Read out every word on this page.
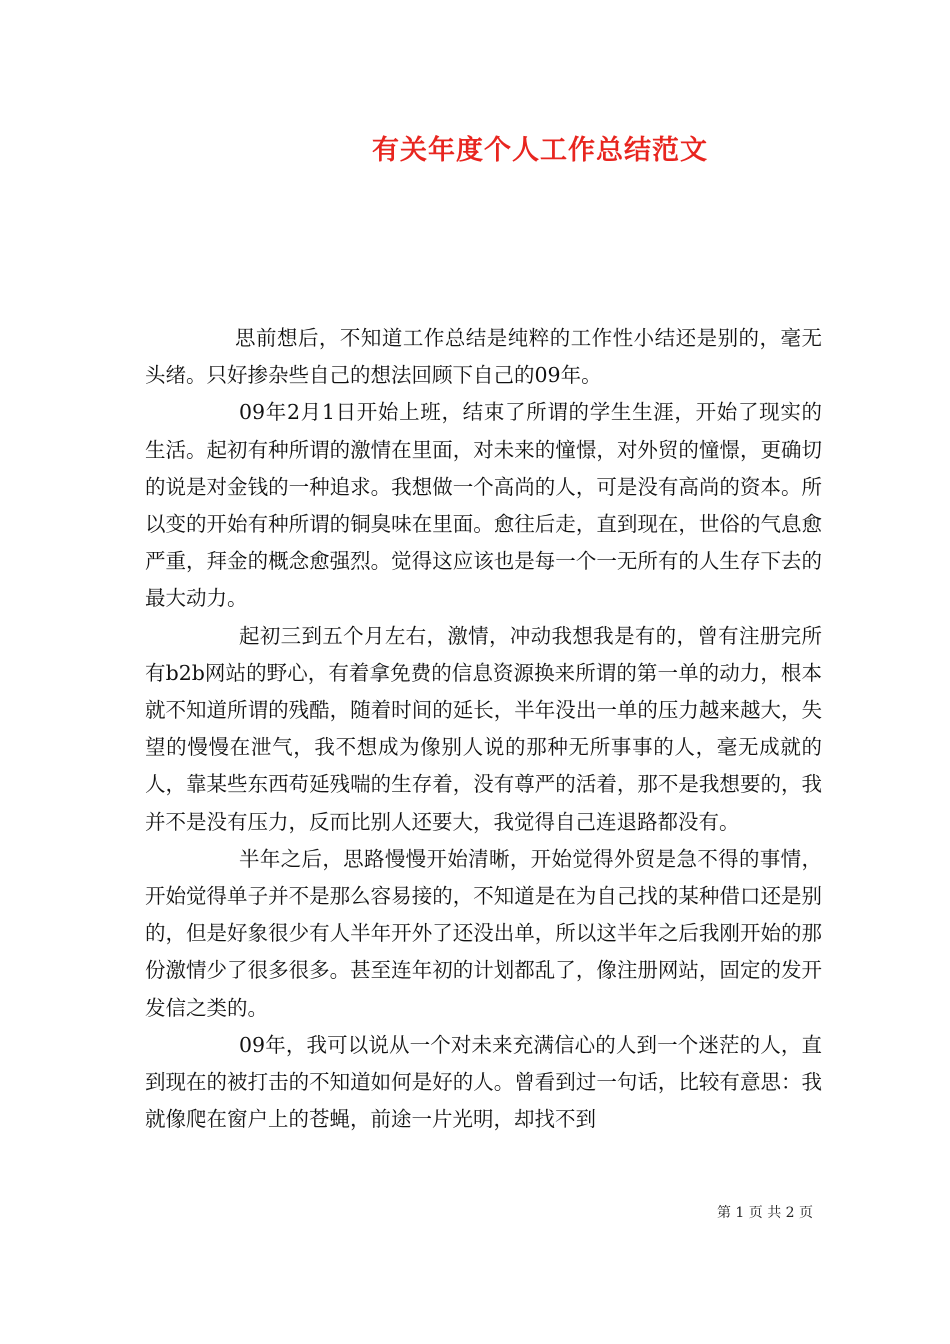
有关年度个人工作总结范文

思前想后，不知道工作总结是纯粹的工作性小结还是别的，毫无头绪。只好掺杂些自己的想法回顾下自己的09年。

09年2月1日开始上班，结束了所谓的学生生涯，开始了现实的生活。起初有种所谓的激情在里面，对未来的憧憬，对外贸的憧憬，更确切的说是对金钱的一种追求。我想做一个高尚的人，可是没有高尚的资本。所以变的开始有种所谓的铜臭味在里面。愈往后走，直到现在，世俗的气息愈严重，拜金的概念愈强烈。觉得这应该也是每一个一无所有的人生存下去的最大动力。

起初三到五个月左右，激情，冲动我想我是有的，曾有注册完所有b2b网站的野心，有着拿免费的信息资源换来所谓的第一单的动力，根本就不知道所谓的残酷，随着时间的延长，半年没出一单的压力越来越大，失望的慢慢在泄气，我不想成为像别人说的那种无所事事的人，毫无成就的人，靠某些东西苟延残喘的生存着，没有尊严的活着，那不是我想要的，我并不是没有压力，反而比别人还要大，我觉得自己连退路都没有。

半年之后，思路慢慢开始清晰，开始觉得外贸是急不得的事情，开始觉得单子并不是那么容易接的，不知道是在为自己找的某种借口还是别的，但是好象很少有人半年开外了还没出单，所以这半年之后我刚开始的那份激情少了很多很多。甚至连年初的计划都乱了，像注册网站，固定的发开发信之类的。

09年，我可以说从一个对未来充满信心的人到一个迷茫的人，直到现在的被打击的不知道如何是好的人。曾看到过一句话，比较有意思：我就像爬在窗户上的苍蝇，前途一片光明，却找不到

第 1 页 共 2 页
